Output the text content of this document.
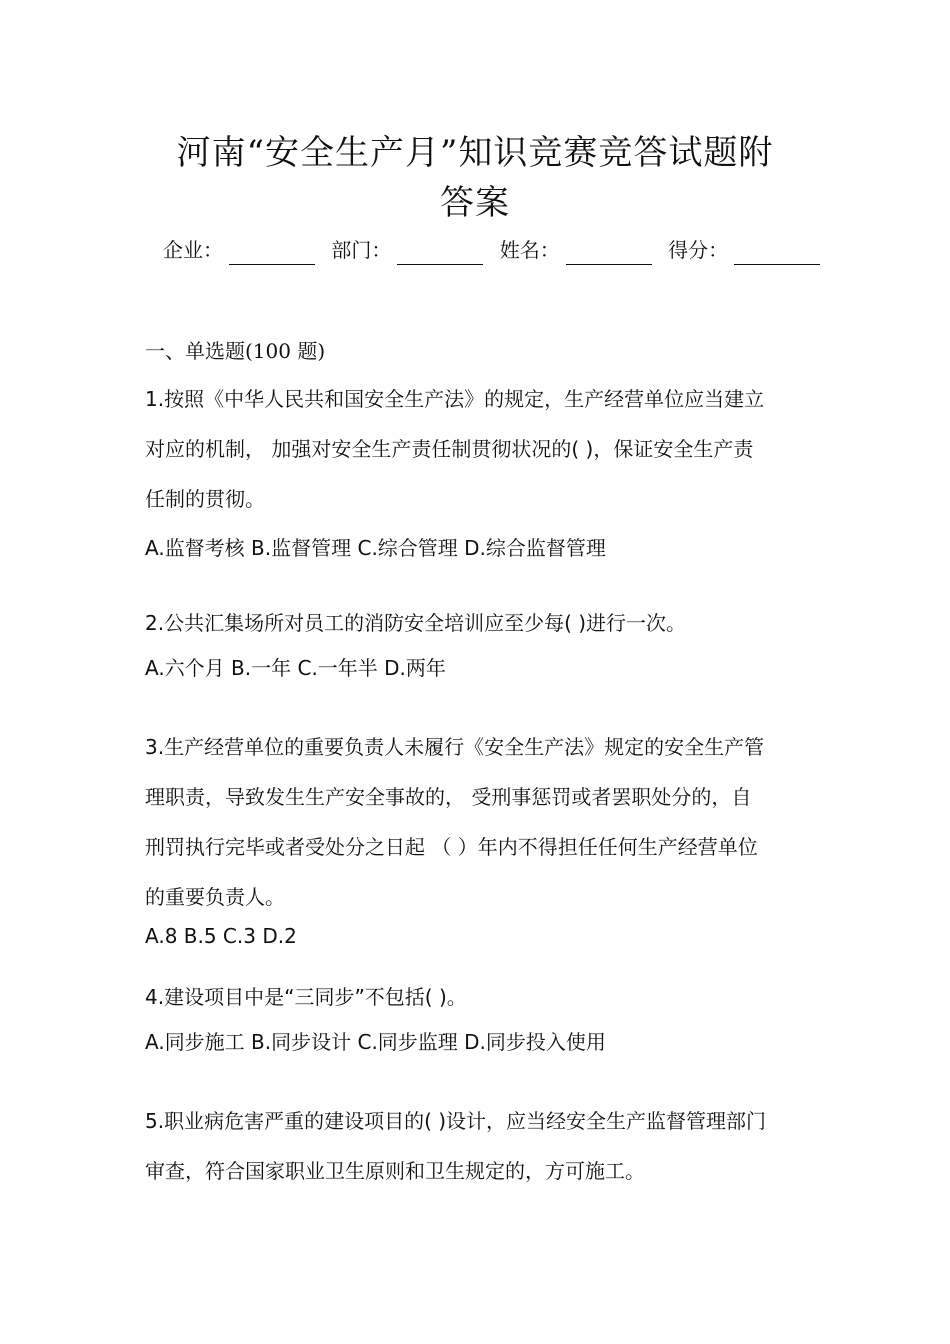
河南“安全生产月”知识竞赛竞答试题附
答案
企业：	部门：	姓名：	得分：
一、单选题(100 题)

1.按照《中华人民共和国安全生产法》的规定，生产经营单位应当建立

对应的机制， 加强对安全生产责任制贯彻状况的( )，保证安全生产责

任制的贯彻。

A.监督考核 B.监督管理 C.综合管理 D.综合监督管理

2.公共汇集场所对员工的消防安全培训应至少每( )进行一次。

A.六个月 B.一年 C.一年半 D.两年

3.生产经营单位的重要负责人未履行《安全生产法》规定的安全生产管

理职责，导致发生生产安全事故的， 受刑事惩罚或者罢职处分的，自

刑罚执行完毕或者受处分之日起 （ ）年内不得担任任何生产经营单位

的重要负责人。

A.8 B.5 C.3 D.2

4.建设项目中是“三同步”不包括( )。

A.同步施工 B.同步设计 C.同步监理 D.同步投入使用

5.职业病危害严重的建设项目的( )设计，应当经安全生产监督管理部门

审查，符合国家职业卫生原则和卫生规定的，方可施工。
